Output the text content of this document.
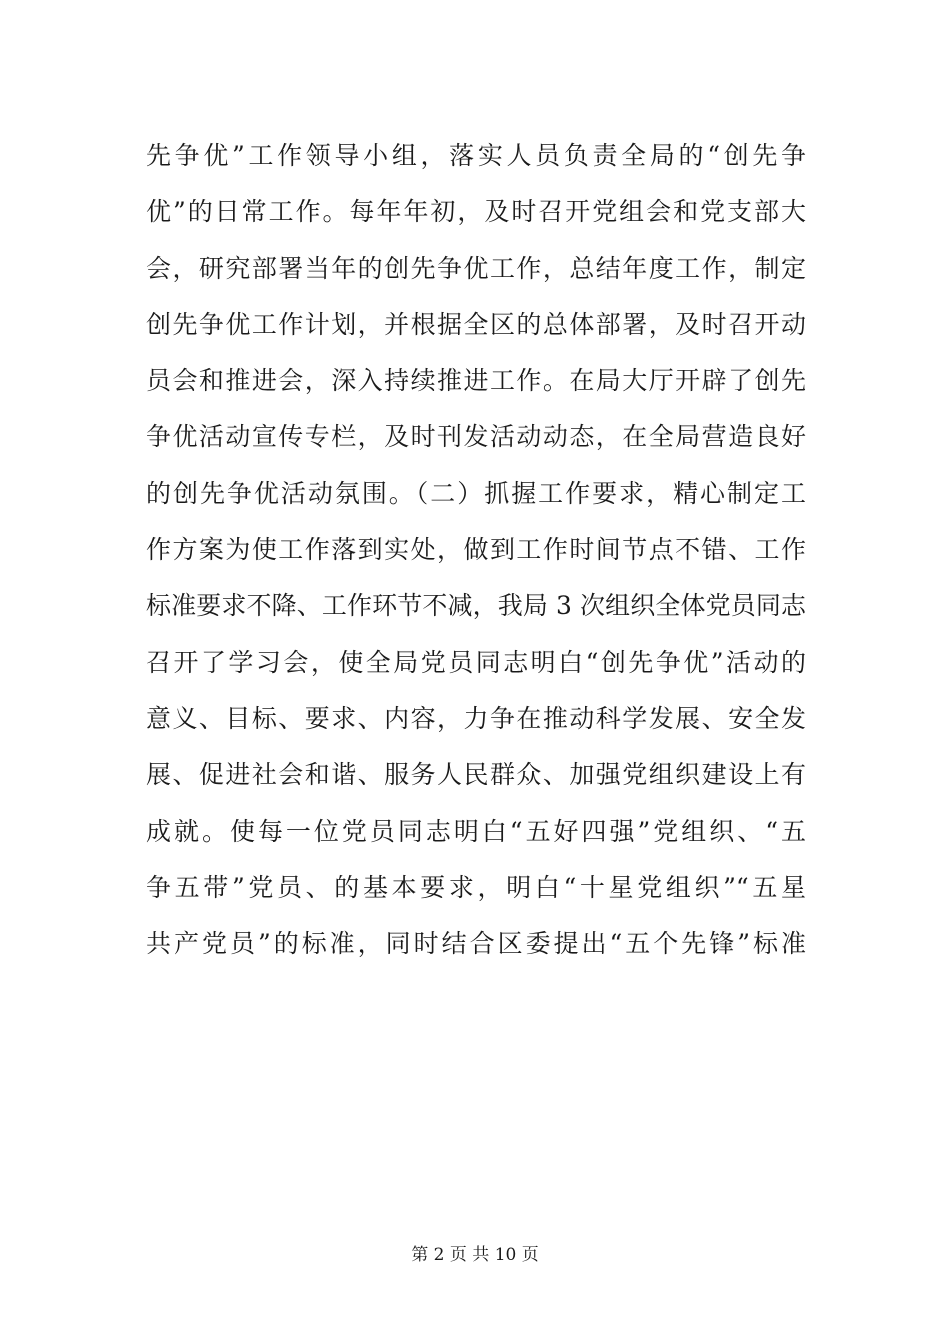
先争优”工作领导小组，落实人员负责全局的“创先争
优”的日常工作。每年年初，及时召开党组会和党支部大
会，研究部署当年的创先争优工作，总结年度工作，制定
创先争优工作计划，并根据全区的总体部署，及时召开动
员会和推进会，深入持续推进工作。在局大厅开辟了创先
争优活动宣传专栏，及时刊发活动动态，在全局营造良好
的创先争优活动氛围。（二）抓握工作要求，精心制定工
作方案为使工作落到实处，做到工作时间节点不错、工作
标准要求不降、工作环节不减，我局 3 次组织全体党员同志
召开了学习会，使全局党员同志明白“创先争优”活动的
意义、目标、要求、内容，力争在推动科学发展、安全发
展、促进社会和谐、服务人民群众、加强党组织建设上有
成就。使每一位党员同志明白“五好四强”党组织、“五
争五带”党员、的基本要求，明白“十星党组织”“五星
共产党员”的标准，同时结合区委提出“五个先锋”标准
第 2 页 共 10 页
